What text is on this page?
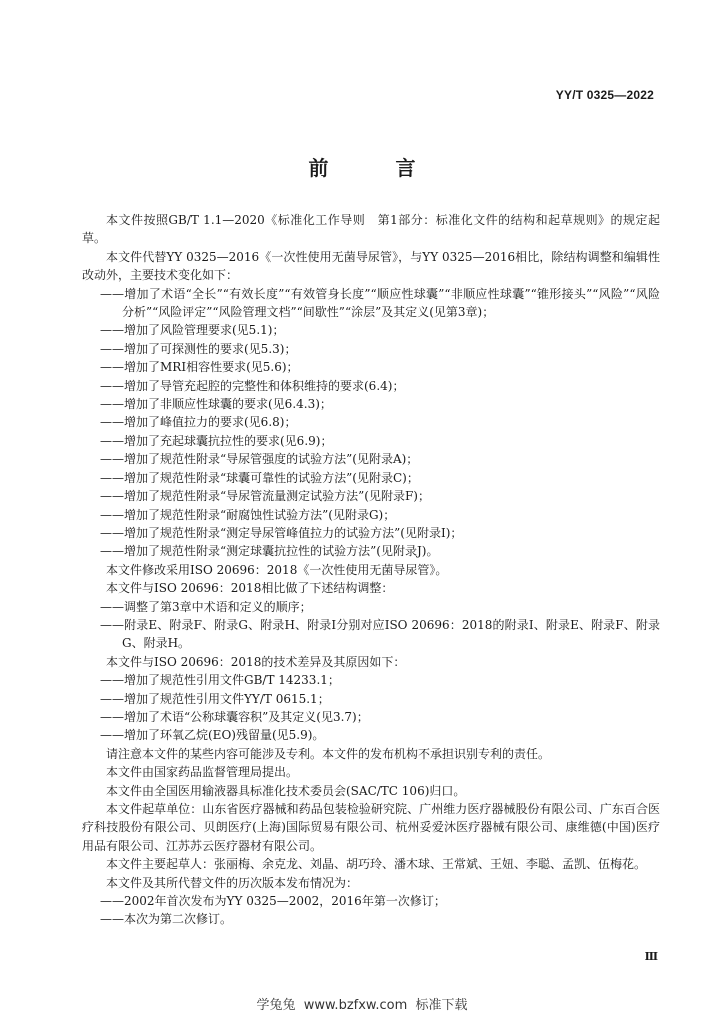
YY/T 0325—2022
前 言

本文件按照GB/T 1.1—2020《标准化工作导则　第1部分：标准化文件的结构和起草规则》的规定起草。

本文件代替YY 0325—2016《一次性使用无菌导尿管》，与YY 0325—2016相比，除结构调整和编辑性改动外，主要技术变化如下：

——增加了术语“全长”“有效长度”“有效管身长度”“顺应性球囊”“非顺应性球囊”“锥形接头”“风险”“风险分析”“风险评定”“风险管理文档”“间歇性”“涂层”及其定义(见第3章)；

——增加了风险管理要求(见5.1)；

——增加了可探测性的要求(见5.3)；

——增加了MRI相容性要求(见5.6)；

——增加了导管充起腔的完整性和体积维持的要求(6.4)；

——增加了非顺应性球囊的要求(见6.4.3)；

——增加了峰值拉力的要求(见6.8)；

——增加了充起球囊抗拉性的要求(见6.9)；

——增加了规范性附录“导尿管强度的试验方法”(见附录A)；

——增加了规范性附录“球囊可靠性的试验方法”(见附录C)；

——增加了规范性附录“导尿管流量测定试验方法”(见附录F)；

——增加了规范性附录“耐腐蚀性试验方法”(见附录G)；

——增加了规范性附录“测定导尿管峰值拉力的试验方法”(见附录I)；

——增加了规范性附录“测定球囊抗拉性的试验方法”(见附录J)。

本文件修改采用ISO 20696：2018《一次性使用无菌导尿管》。

本文件与ISO 20696：2018相比做了下述结构调整：

——调整了第3章中术语和定义的顺序；

——附录E、附录F、附录G、附录H、附录I分别对应ISO 20696：2018的附录I、附录E、附录F、附录G、附录H。

本文件与ISO 20696：2018的技术差异及其原因如下：

——增加了规范性引用文件GB/T 14233.1；

——增加了规范性引用文件YY/T 0615.1；

——增加了术语“公称球囊容积”及其定义(见3.7)；

——增加了环氧乙烷(EO)残留量(见5.9)。

请注意本文件的某些内容可能涉及专利。本文件的发布机构不承担识别专利的责任。

本文件由国家药品监督管理局提出。

本文件由全国医用输液器具标准化技术委员会(SAC/TC 106)归口。

本文件起草单位：山东省医疗器械和药品包装检验研究院、广州维力医疗器械股份有限公司、广东百合医疗科技股份有限公司、贝朗医疗(上海)国际贸易有限公司、杭州妥爱沐医疗器械有限公司、康维德(中国)医疗用品有限公司、江苏苏云医疗器材有限公司。

本文件主要起草人：张丽梅、余克龙、刘晶、胡巧玲、潘木球、王常斌、王妞、李聪、孟凯、伍梅花。

本文件及其所代替文件的历次版本发布情况为：

——2002年首次发布为YY 0325—2002，2016年第一次修订；

——本次为第二次修订。

Ⅲ
学兔兔  www.bzfxw.com  标准下载
